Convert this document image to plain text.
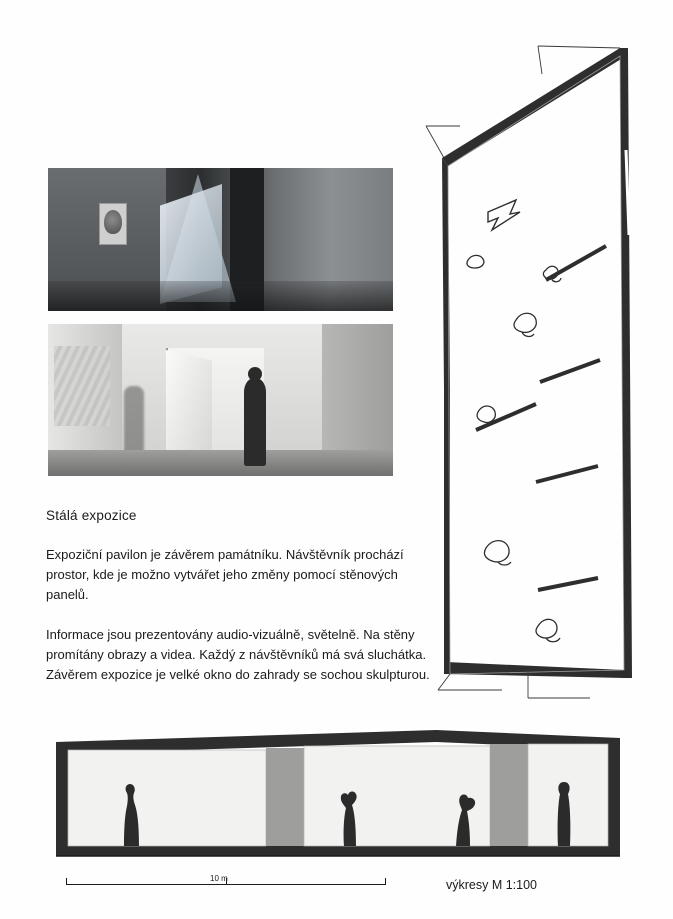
Stálá expozice

Expoziční pavilon je závěrem památníku. Návštěvník prochází prostor, kde je možno vytvářet jeho změny pomocí stěnových panelů.

Informace jsou prezentovány audio-vizuálně, světelně. Na stěny promítány obrazy a videa. Každý z návštěvníků má svá sluchátka. Závěrem expozice je velké okno do zahrady se sochou skulpturou.

10 m	výkresy M 1:100
